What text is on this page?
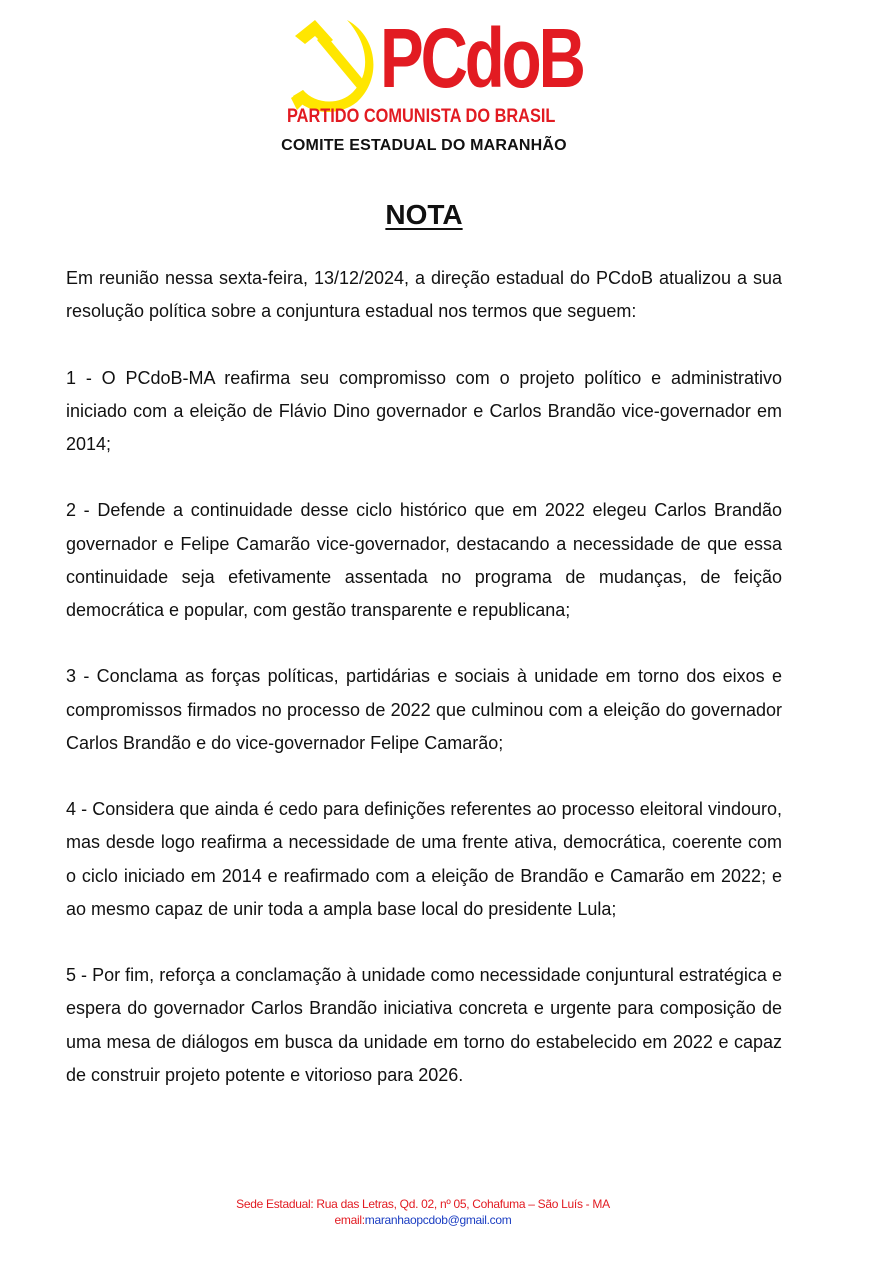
PCdoB
PARTIDO COMUNISTA DO BRASIL
COMITE ESTADUAL DO MARANHÃO
NOTA

Em reunião nessa sexta-feira, 13/12/2024, a direção estadual do PCdoB atualizou a sua resolução política sobre a conjuntura estadual nos termos que seguem:

1 - O PCdoB-MA reafirma seu compromisso com o projeto político e administrativo iniciado com a eleição de Flávio Dino governador e Carlos Brandão vice-governador em 2014;

2 - Defende a continuidade desse ciclo histórico que em 2022 elegeu Carlos Brandão governador e Felipe Camarão vice-governador, destacando a necessidade de que essa continuidade seja efetivamente assentada no programa de mudanças, de feição democrática e popular, com gestão transparente e republicana;

3 - Conclama as forças políticas, partidárias e sociais à unidade em torno dos eixos e compromissos firmados no processo de 2022 que culminou com a eleição do governador Carlos Brandão e do vice-governador Felipe Camarão;

4 - Considera que ainda é cedo para definições referentes ao processo eleitoral vindouro, mas desde logo reafirma a necessidade de uma frente ativa, democrática, coerente com o ciclo iniciado em 2014 e reafirmado com a eleição de Brandão e Camarão em 2022; e ao mesmo capaz de unir toda a ampla base local do presidente Lula;

5 - Por fim, reforça a conclamação à unidade como necessidade conjuntural estratégica e espera do governador Carlos Brandão iniciativa concreta e urgente para composição de uma mesa de diálogos em busca da unidade em torno do estabelecido em 2022 e capaz de construir projeto potente e vitorioso para 2026.

Sede Estadual: Rua das Letras, Qd. 02, nº 05, Cohafuma – São Luís - MA
email:maranhaopcdob@gmail.com
